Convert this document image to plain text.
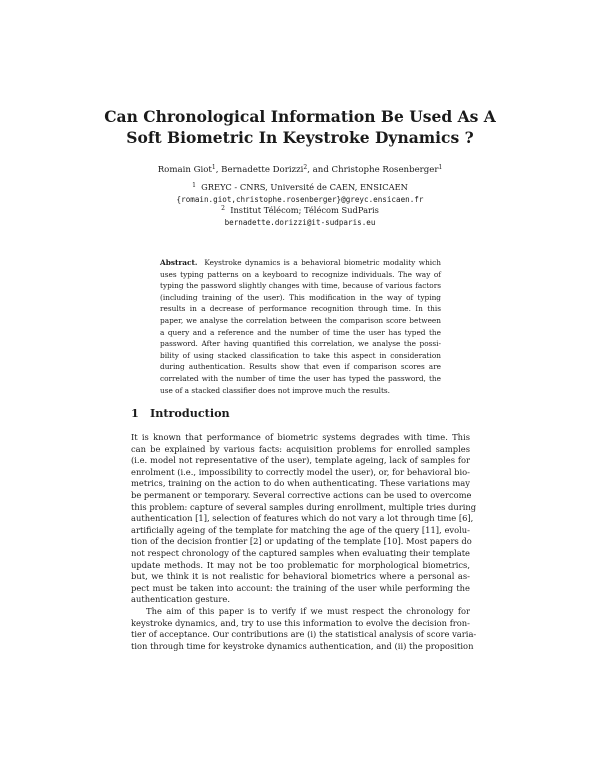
Can Chronological Information Be Used As A
Soft Biometric In Keystroke Dynamics ?
Romain Giot$^1$, Bernadette Dorizzi$^2$, and Christophe Rosenberger$^1$
$^1$ GREYC - CNRS, Université de CAEN, ENSICAEN
{romain.giot,christophe.rosenberger}@greyc.ensicaen.fr
$^2$ Institut Télécom; Télécom SudParis
bernadette.dorizzi@it-sudparis.eu
Abstract. Keystroke dynamics is a behavioral biometric modality which
uses typing patterns on a keyboard to recognize individuals. The way of
typing the password slightly changes with time, because of various factors
(including training of the user). This modification in the way of typing
results in a decrease of performance recognition through time. In this
paper, we analyse the correlation between the comparison score between
a query and a reference and the number of time the user has typed the
password. After having quantified this correlation, we analyse the possi-
bility of using stacked classification to take this aspect in consideration
during authentication. Results show that even if comparison scores are
correlated with the number of time the user has typed the password, the
use of a stacked classifier does not improve much the results.
1 Introduction
It is known that performance of biometric systems degrades with time. This
can be explained by various facts: acquisition problems for enrolled samples
(i.e. model not representative of the user), template ageing, lack of samples for
enrolment (i.e., impossibility to correctly model the user), or, for behavioral bio-
metrics, training on the action to do when authenticating. These variations may
be permanent or temporary. Several corrective actions can be used to overcome
this problem: capture of several samples during enrollment, multiple tries during
authentication [1], selection of features which do not vary a lot through time [6],
artificially ageing of the template for matching the age of the query [11], evolu-
tion of the decision frontier [2] or updating of the template [10]. Most papers do
not respect chronology of the captured samples when evaluating their template
update methods. It may not be too problematic for morphological biometrics,
but, we think it is not realistic for behavioral biometrics where a personal as-
pect must be taken into account: the training of the user while performing the
authentication gesture.
The aim of this paper is to verify if we must respect the chronology for
keystroke dynamics, and, try to use this information to evolve the decision fron-
tier of acceptance. Our contributions are (i) the statistical analysis of score varia-
tion through time for keystroke dynamics authentication, and (ii) the proposition
